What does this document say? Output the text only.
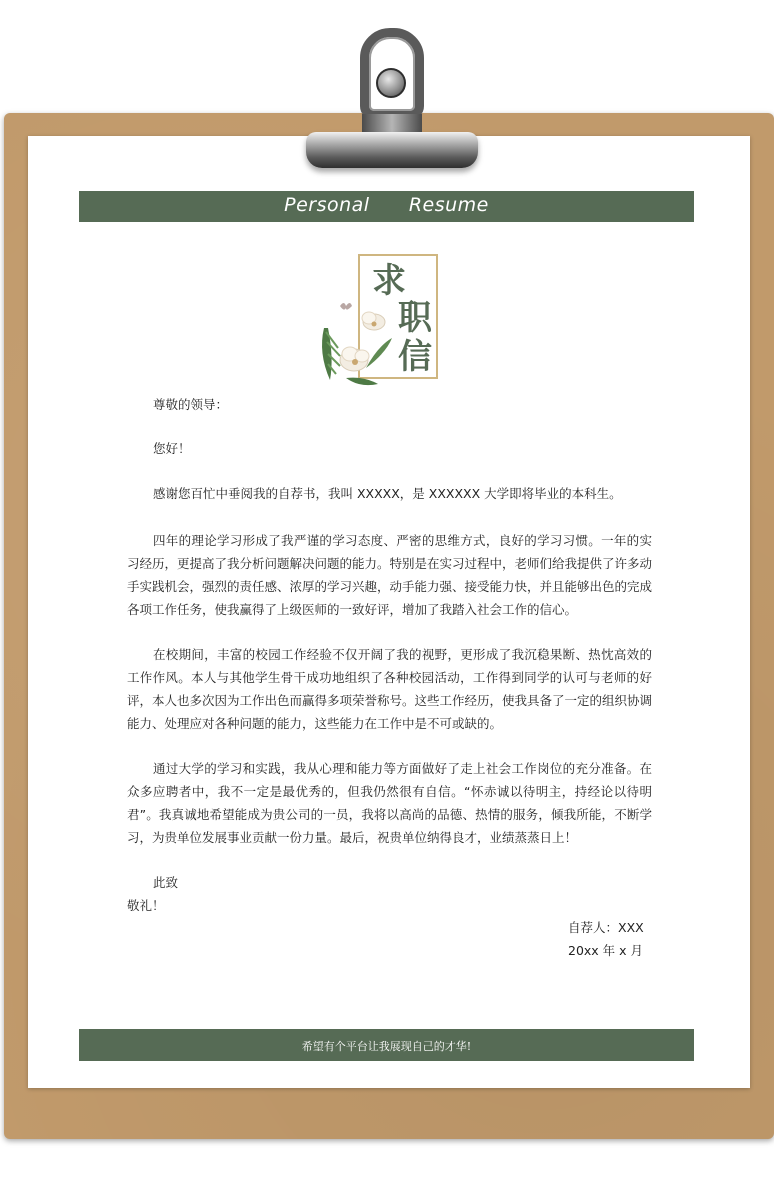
Personal      Resume
求
职
信
尊敬的领导：
您好！
感谢您百忙中垂阅我的自荐书，我叫 XXXXX，是 XXXXXX 大学即将毕业的本科生。
四年的理论学习形成了我严谨的学习态度、严密的思维方式，良好的学习习惯。一年的实习经历，更提高了我分析问题解决问题的能力。特别是在实习过程中，老师们给我提供了许多动手实践机会，强烈的责任感、浓厚的学习兴趣，动手能力强、接受能力快，并且能够出色的完成各项工作任务，使我赢得了上级医师的一致好评，增加了我踏入社会工作的信心。
在校期间，丰富的校园工作经验不仅开阔了我的视野，更形成了我沉稳果断、热忱高效的工作作风。本人与其他学生骨干成功地组织了各种校园活动，工作得到同学的认可与老师的好评，本人也多次因为工作出色而赢得多项荣誉称号。这些工作经历，使我具备了一定的组织协调能力、处理应对各种问题的能力，这些能力在工作中是不可或缺的。
通过大学的学习和实践，我从心理和能力等方面做好了走上社会工作岗位的充分准备。在众多应聘者中，我不一定是最优秀的，但我仍然很有自信。“怀赤诚以待明主，持经论以待明君”。我真诚地希望能成为贵公司的一员，我将以高尚的品德、热情的服务，倾我所能，不断学习，为贵单位发展事业贡献一份力量。最后，祝贵单位纳得良才，业绩蒸蒸日上！
此致
敬礼！
自荐人：XXX
20xx 年 x 月
希望有个平台让我展现自己的才华!
